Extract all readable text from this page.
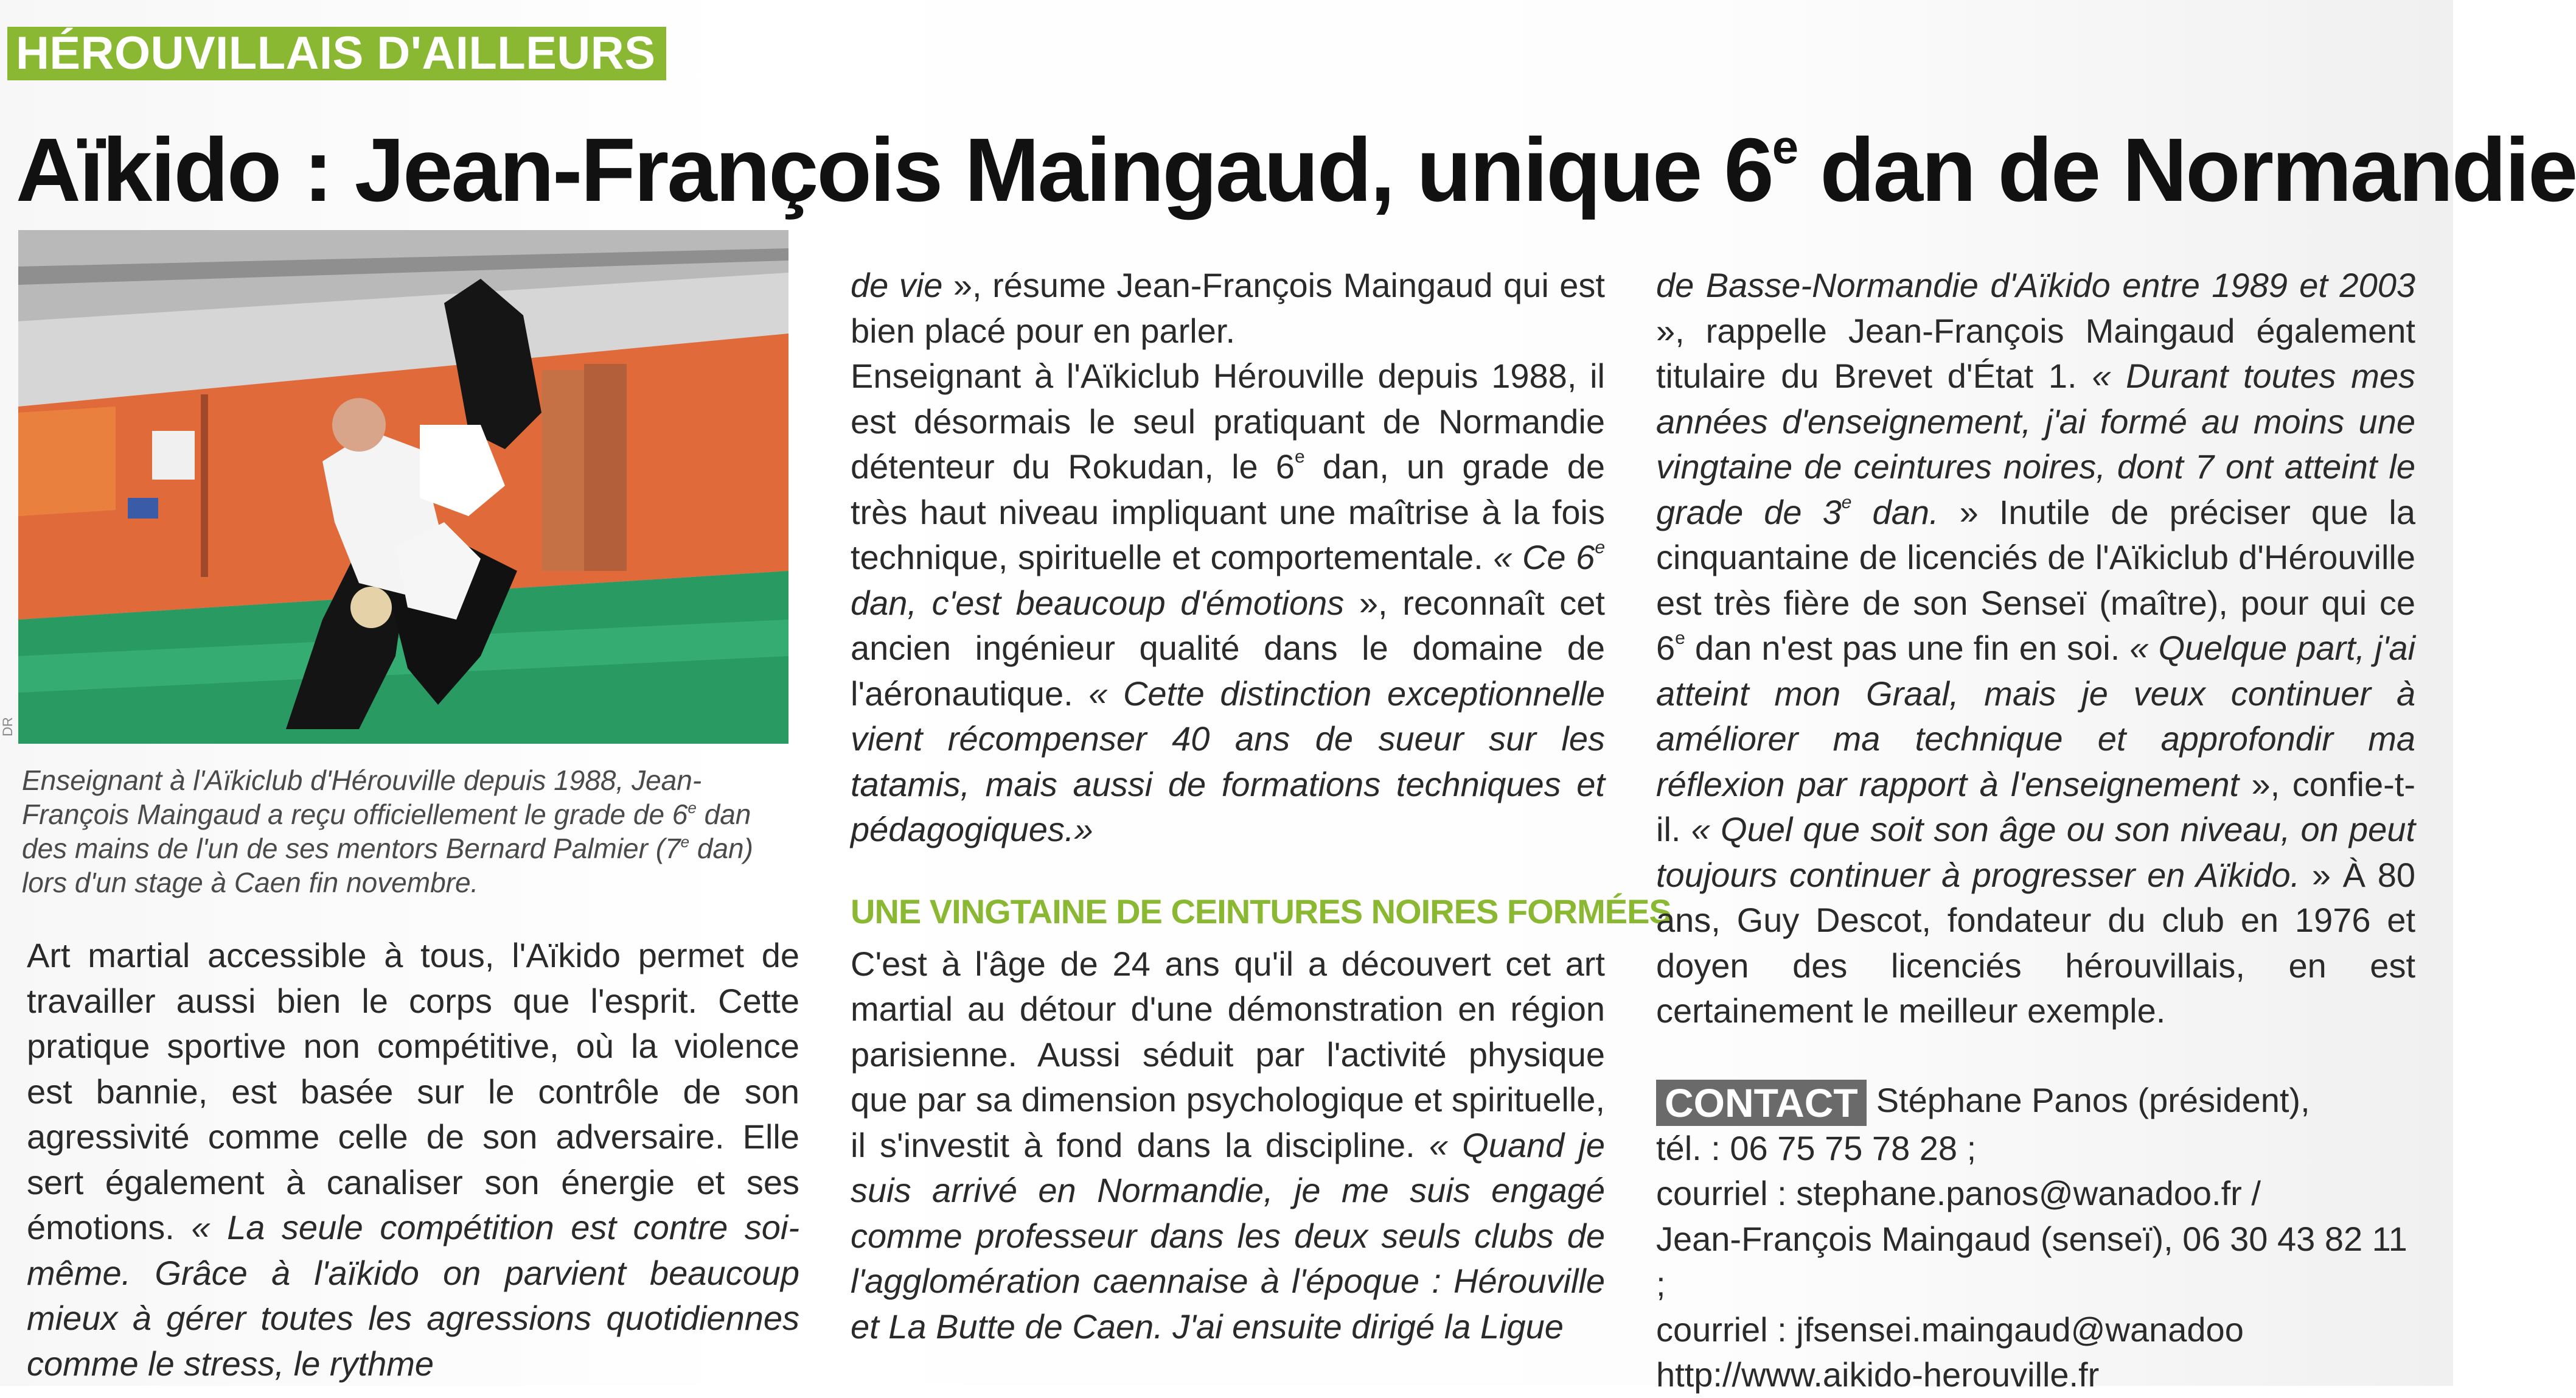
HÉROUVILLAIS D'AILLEURS
Aïkido : Jean-François Maingaud, unique 6e dan de Normandie
DR

Enseignant à l'Aïkiclub d'Hérouville depuis 1988, Jean-François Maingaud a reçu officiellement le grade de 6e dan des mains de l'un de ses mentors Bernard Palmier (7e dan) lors d'un stage à Caen fin novembre.

Art martial accessible à tous, l'Aïkido permet de travailler aussi bien le corps que l'esprit. Cette pratique sportive non compétitive, où la violence est bannie, est basée sur le contrôle de son agressivité comme celle de son adversaire. Elle sert également à canaliser son énergie et ses émotions. « La seule compétition est contre soi-même. Grâce à l'aïkido on parvient beaucoup mieux à gérer toutes les agressions quotidiennes comme le stress, le rythme

de vie », résume Jean-François Maingaud qui est bien placé pour en parler.

Enseignant à l'Aïkiclub Hérouville depuis 1988, il est désormais le seul pratiquant de Normandie détenteur du Rokudan, le 6e dan, un grade de très haut niveau impliquant une maîtrise à la fois technique, spirituelle et comportementale. « Ce 6e dan, c'est beaucoup d'émotions », reconnaît cet ancien ingénieur qualité dans le domaine de l'aéronautique. « Cette distinction exceptionnelle vient récompenser 40 ans de sueur sur les tatamis, mais aussi de formations techniques et pédagogiques.»

UNE VINGTAINE DE CEINTURES NOIRES FORMÉES

C'est à l'âge de 24 ans qu'il a découvert cet art martial au détour d'une démonstration en région parisienne. Aussi séduit par l'activité physique que par sa dimension psychologique et spirituelle, il s'investit à fond dans la discipline. « Quand je suis arrivé en Normandie, je me suis engagé comme professeur dans les deux seuls clubs de l'agglomération caennaise à l'époque : Hérouville et La Butte de Caen. J'ai ensuite dirigé la Ligue

de Basse-Normandie d'Aïkido entre 1989 et 2003 », rappelle Jean-François Maingaud également titulaire du Brevet d'État 1. « Durant toutes mes années d'enseignement, j'ai formé au moins une vingtaine de ceintures noires, dont 7 ont atteint le grade de 3e dan. » Inutile de préciser que la cinquantaine de licenciés de l'Aïkiclub d'Hérouville est très fière de son Senseï (maître), pour qui ce 6e dan n'est pas une fin en soi. « Quelque part, j'ai atteint mon Graal, mais je veux continuer à améliorer ma technique et approfondir ma réflexion par rapport à l'enseignement », confie-t-il. « Quel que soit son âge ou son niveau, on peut toujours continuer à progresser en Aïkido. » À 80 ans, Guy Descot, fondateur du club en 1976 et doyen des licenciés hérouvillais, en est certainement le meilleur exemple.

CONTACT Stéphane Panos (président),
tél. : 06 75 75 78 28 ;
courriel : stephane.panos@wanadoo.fr /
Jean-François Maingaud (senseï), 06 30 43 82 11 ;
courriel : jfsensei.maingaud@wanadoo
http://www.aikido-herouville.fr
